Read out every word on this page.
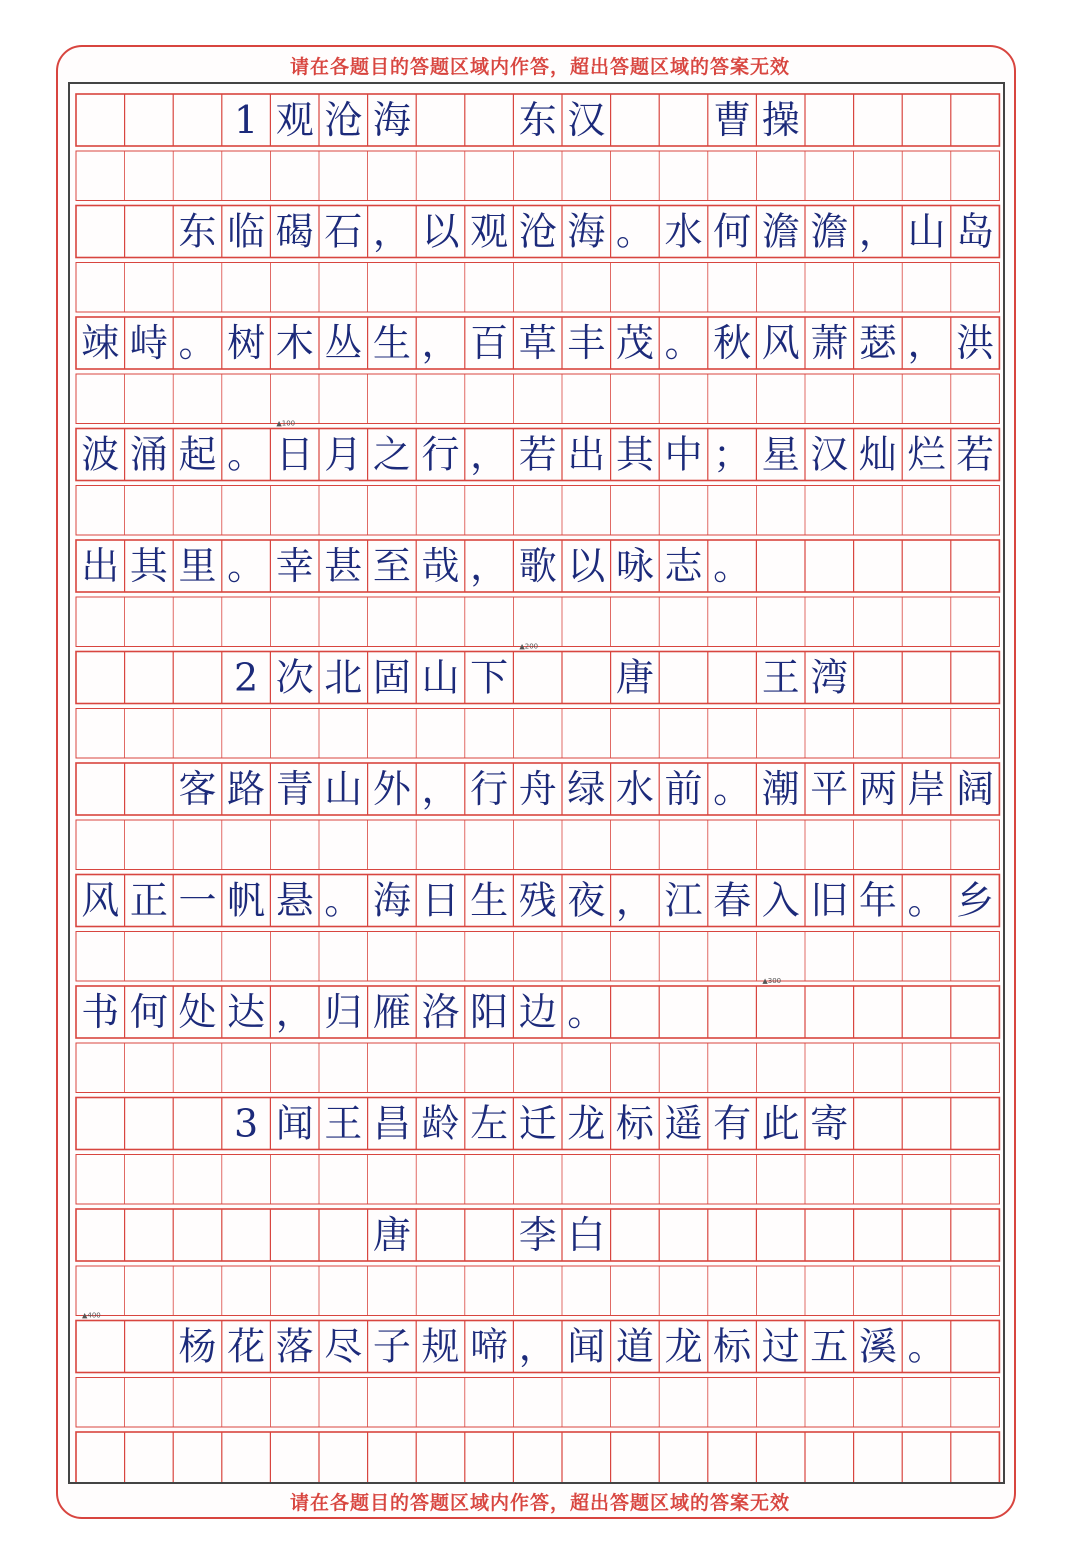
请在各题目的答题区域内作答，超出答题区域的答案无效
1 观 沧 海	东 汉	曹 操
东 临 碣 石 ， 以 观 沧 海 。 水 何 澹 澹 ， 山 岛
竦 峙 。 树 木 丛 生 ， 百 草 丰 茂 。 秋 风 萧 瑟 ， 洪
波 涌 起 。 日 月 之 行 ， 若 出 其 中 ； 星 汉 灿 烂 若
出 其 里 。 幸 甚 至 哉 ， 歌 以 咏 志 。
2 次 北 固 山 下	唐	王 湾
客 路 青 山 外 ， 行 舟 绿 水 前 。 潮 平 两 岸 阔
风 正 一 帆 悬 。 海 日 生 残 夜 ， 江 春 入 旧 年 。 乡
书 何 处 达 ， 归 雁 洛 阳 边 。
3 闻 王 昌 龄 左 迁 龙 标 遥 有 此 寄
唐	李 白
杨 花 落 尽 子 规 啼 ， 闻 道 龙 标 过 五 溪 。
▲100
▲200
▲300
▲400
请在各题目的答题区域内作答，超出答题区域的答案无效
